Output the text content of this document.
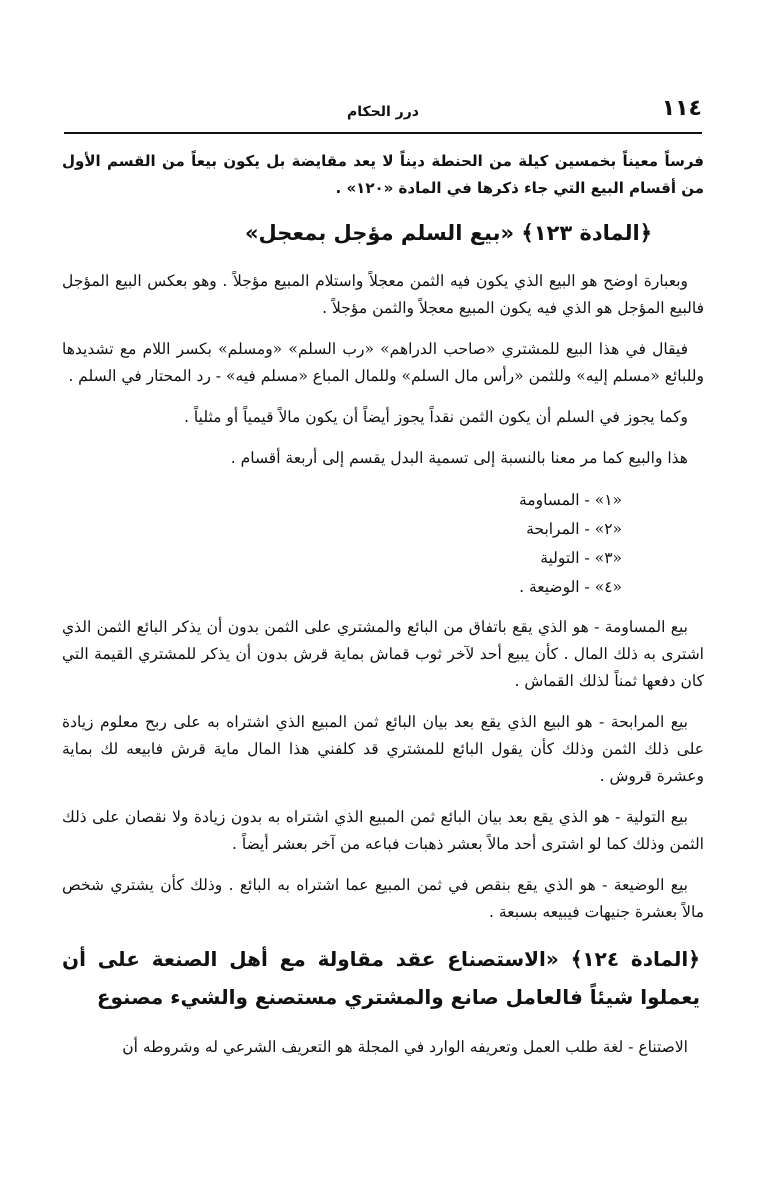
١١٤
درر الحكام

فرساً معيناً بخمسين كيلة من الحنطة ديناً لا يعد مقايضة بل يكون بيعاً من القسم الأول من أقسام البيع التي جاء ذكرها في المادة «١٢٠» .

﴿المادة ١٢٣﴾ «بيع السلم مؤجل بمعجل»

وبعبارة اوضح هو البيع الذي يكون فيه الثمن معجلاً واستلام المبيع مؤجلاً . وهو بعكس البيع المؤجل فالبيع المؤجل هو الذي فيه يكون المبيع معجلاً والثمن مؤجلاً .

فيقال في هذا البيع للمشتري «صاحب الدراهم» «رب السلم» «ومسلم» بكسر اللام مع تشديدها وللبائع «مسلم إليه» وللثمن «رأس مال السلم» وللمال المباع «مسلم فيه» - رد المحتار في السلم .

وكما يجوز في السلم أن يكون الثمن نقداً يجوز أيضاً أن يكون مالاً قيمياً أو مثلياً .

هذا والبيع كما مر معنا بالنسبة إلى تسمية البدل يقسم إلى أربعة أقسام .

«١» - المساومة
«٢» - المرابحة
«٣» - التولية
«٤» - الوضيعة .

بيع المساومة - هو الذي يقع باتفاق من البائع والمشتري على الثمن بدون أن يذكر البائع الثمن الذي اشترى به ذلك المال . كأن يبيع أحد لآخر ثوب قماش بماية قرش بدون أن يذكر للمشتري القيمة التي كان دفعها ثمناً لذلك القماش .

بيع المرابحة - هو البيع الذي يقع بعد بيان البائع ثمن المبيع الذي اشتراه به على ربح معلوم زيادة على ذلك الثمن وذلك كأن يقول البائع للمشتري قد كلفني هذا المال ماية قرش فابيعه لك بماية وعشرة قروش .

بيع التولية - هو الذي يقع بعد بيان البائع ثمن المبيع الذي اشتراه به بدون زيادة ولا نقصان على ذلك الثمن وذلك كما لو اشترى أحد مالاً بعشر ذهبات فباعه من آخر بعشر أيضاً .

بيع الوضيعة - هو الذي يقع بنقص في ثمن المبيع عما اشتراه به البائع . وذلك كأن يشتري شخص مالاً بعشرة جنيهات فيبيعه بسبعة .

﴿المادة ١٢٤﴾ «الاستصناع عقد مقاولة مع أهل الصنعة على أن يعملوا شيئاً فالعامل صانع والمشتري مستصنع والشيء مصنوع

الاصتناع - لغة طلب العمل وتعريفه الوارد في المجلة هو التعريف الشرعي له وشروطه أن
